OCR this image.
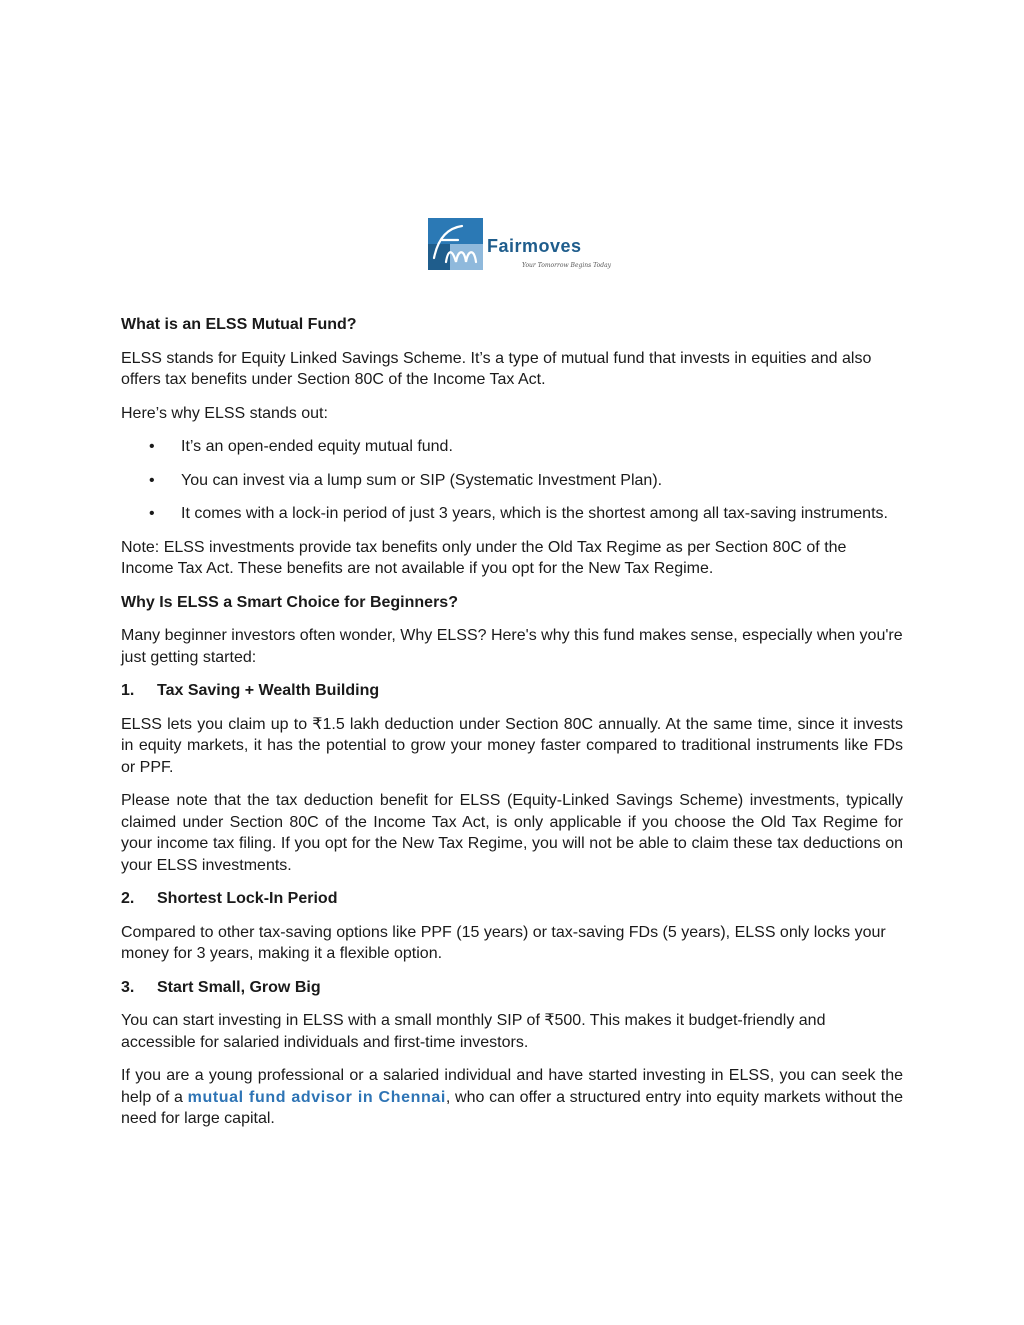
Fairmoves
Your Tomorrow Begins Today

What is an ELSS Mutual Fund?

ELSS stands for Equity Linked Savings Scheme. It’s a type of mutual fund that invests in equities and also offers tax benefits under Section 80C of the Income Tax Act.

Here’s why ELSS stands out:

• It’s an open-ended equity mutual fund.
• You can invest via a lump sum or SIP (Systematic Investment Plan).
• It comes with a lock-in period of just 3 years, which is the shortest among all tax-saving instruments.

Note: ELSS investments provide tax benefits only under the Old Tax Regime as per Section 80C of the Income Tax Act. These benefits are not available if you opt for the New Tax Regime.

Why Is ELSS a Smart Choice for Beginners?

Many beginner investors often wonder, Why ELSS? Here's why this fund makes sense, especially when you're just getting started:

1. Tax Saving + Wealth Building

ELSS lets you claim up to ₹1.5 lakh deduction under Section 80C annually. At the same time, since it invests in equity markets, it has the potential to grow your money faster compared to traditional instruments like FDs or PPF.

Please note that the tax deduction benefit for ELSS (Equity-Linked Savings Scheme) investments, typically claimed under Section 80C of the Income Tax Act, is only applicable if you choose the Old Tax Regime for your income tax filing. If you opt for the New Tax Regime, you will not be able to claim these tax deductions on your ELSS investments.

2. Shortest Lock-In Period

Compared to other tax-saving options like PPF (15 years) or tax-saving FDs (5 years), ELSS only locks your money for 3 years, making it a flexible option.

3. Start Small, Grow Big

You can start investing in ELSS with a small monthly SIP of ₹500. This makes it budget-friendly and accessible for salaried individuals and first-time investors.

If you are a young professional or a salaried individual and have started investing in ELSS, you can seek the help of a mutual fund advisor in Chennai, who can offer a structured entry into equity markets without the need for large capital.
